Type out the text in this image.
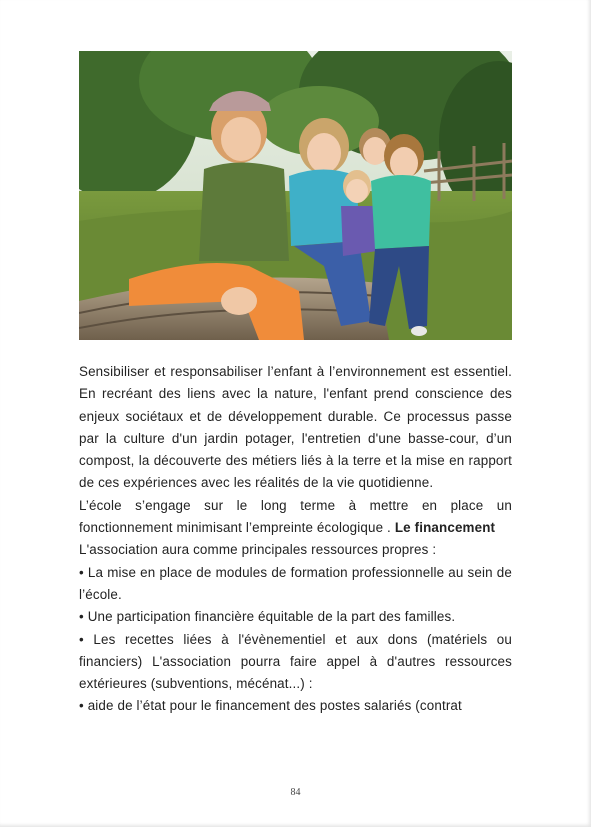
Sensibiliser et responsabiliser l’enfant à l’environnement est essentiel. En recréant des liens avec la nature, l'enfant prend conscience des enjeux sociétaux et de développement durable. Ce processus passe par la culture d'un jardin potager, l'entretien d'une basse-cour, d’un compost, la découverte des métiers liés à la terre et la mise en rapport de ces expériences avec les réalités de la vie quotidienne.

L’école s’engage sur le long terme à mettre en place un fonctionnement minimisant l’empreinte écologique . Le financement

L'association aura comme principales ressources propres :

• La mise en place de modules de formation professionnelle au sein de l’école.

• Une participation financière équitable de la part des familles.

• Les recettes liées à l'évènementiel et aux dons (matériels ou financiers) L'association pourra faire appel à d'autres ressources extérieures (subventions, mécénat...) :

• aide de l’état pour le financement des postes salariés (contrat

84
